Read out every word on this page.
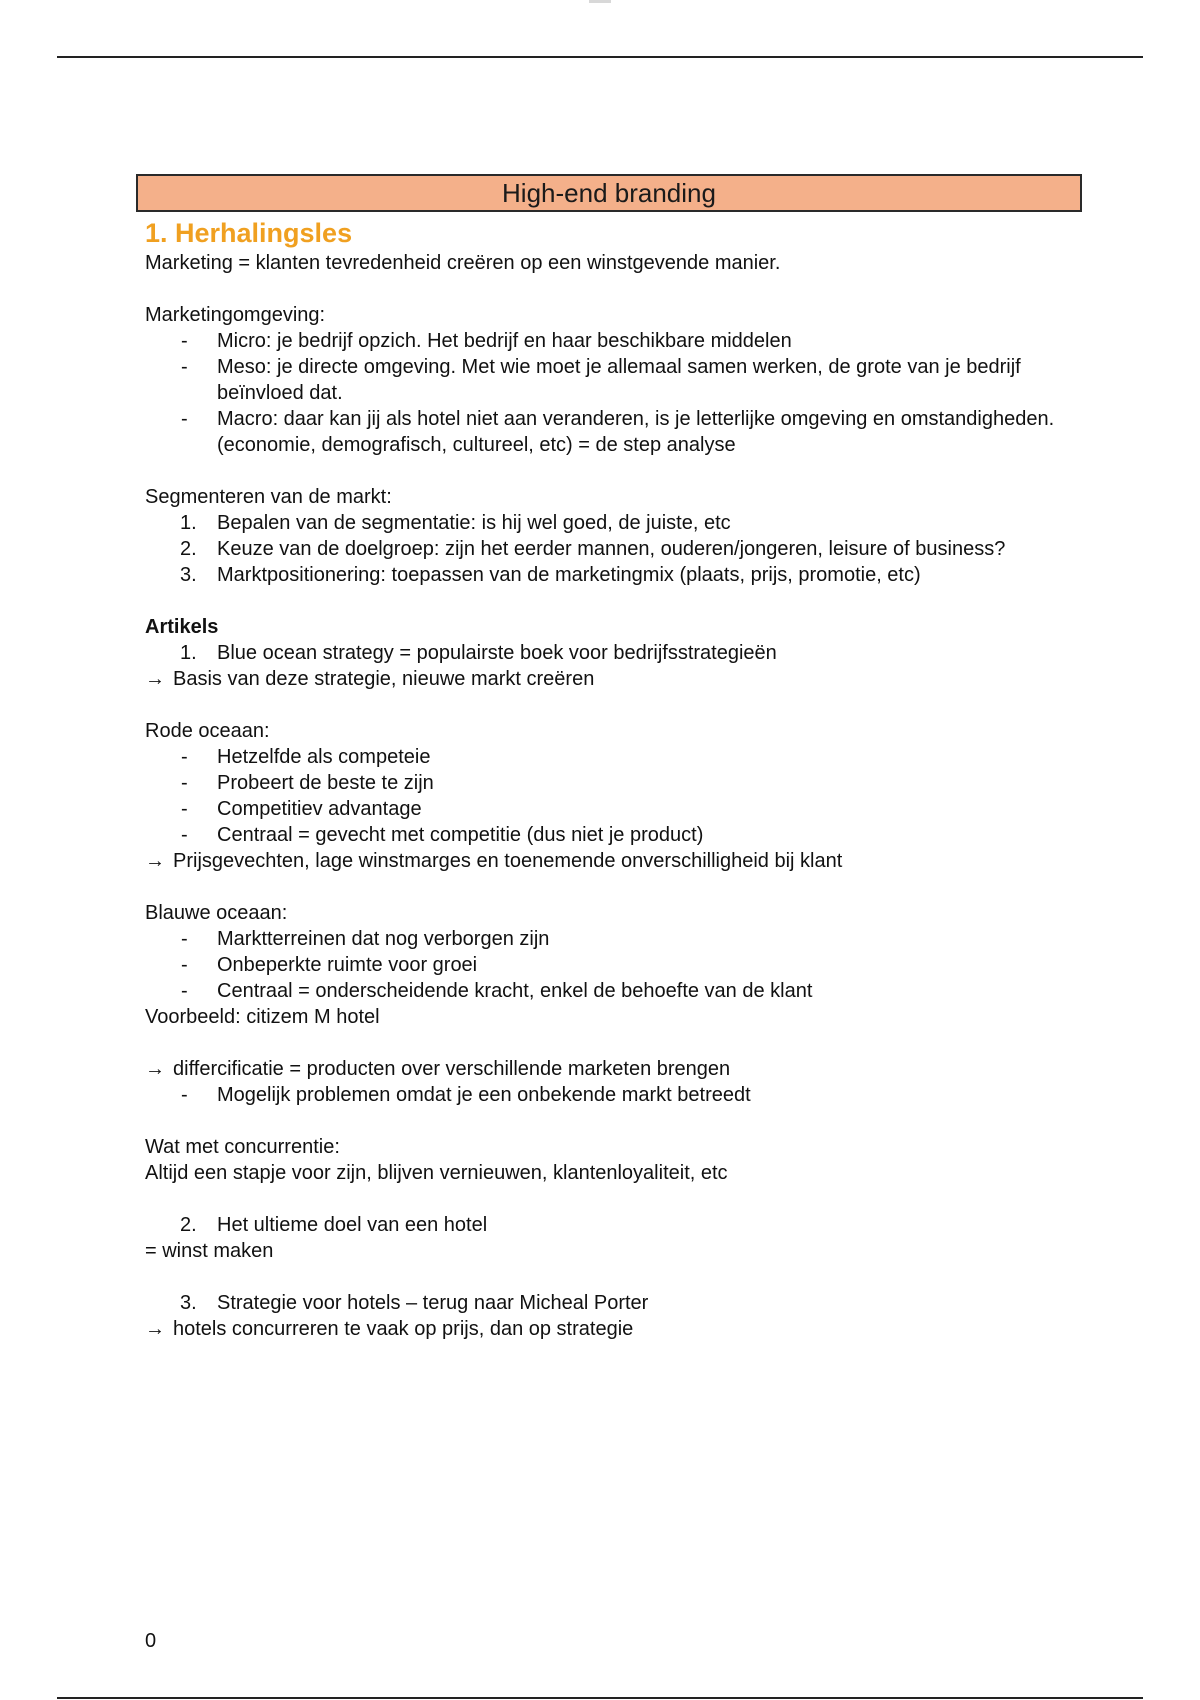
High-end branding

1. Herhalingsles

Marketing = klanten tevredenheid creëren op een winstgevende manier.

Marketingomgeving:

- Micro: je bedrijf opzich. Het bedrijf en haar beschikbare middelen
- Meso: je directe omgeving. Met wie moet je allemaal samen werken, de grote van je bedrijf beïnvloed dat.
- Macro: daar kan jij als hotel niet aan veranderen, is je letterlijke omgeving en omstandigheden. (economie, demografisch, cultureel, etc) = de step analyse

Segmenteren van de markt:

1. Bepalen van de segmentatie: is hij wel goed, de juiste, etc
2. Keuze van de doelgroep: zijn het eerder mannen, ouderen/jongeren, leisure of business?
3. Marktpositionering: toepassen van de marketingmix (plaats, prijs, promotie, etc)

Artikels

1. Blue ocean strategy = populairste boek voor bedrijfsstrategieën

→ Basis van deze strategie, nieuwe markt creëren

Rode oceaan:

- Hetzelfde als competeie
- Probeert de beste te zijn
- Competitiev advantage
- Centraal = gevecht met competitie (dus niet je product)

→ Prijsgevechten, lage winstmarges en toenemende onverschilligheid bij klant

Blauwe oceaan:

- Marktterreinen dat nog verborgen zijn
- Onbeperkte ruimte voor groei
- Centraal = onderscheidende kracht, enkel de behoefte van de klant

Voorbeeld: citizem M hotel

→ differcificatie = producten over verschillende marketen brengen

- Mogelijk problemen omdat je een onbekende markt betreedt

Wat met concurrentie:

Altijd een stapje voor zijn, blijven vernieuwen, klantenloyaliteit, etc

2. Het ultieme doel van een hotel

= winst maken

3. Strategie voor hotels – terug naar Micheal Porter

→ hotels concurreren te vaak op prijs, dan op strategie

0
